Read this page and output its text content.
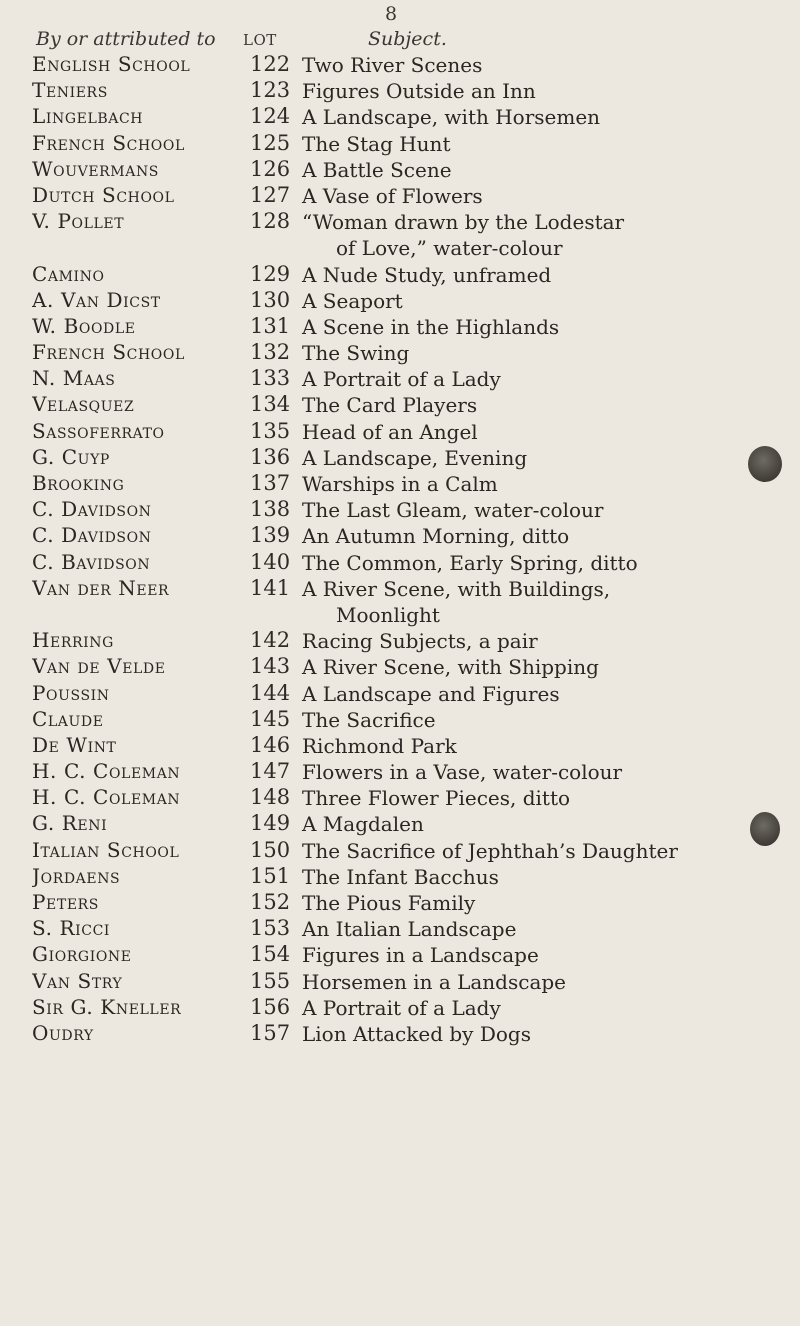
8
By or attributed to LOT	Subject.
English School	122 Two River Scenes
Teniers	123 Figures Outside an Inn
Lingelbach	124 A Landscape, with Horsemen
French School	125 The Stag Hunt
Wouvermans	126 A Battle Scene
Dutch School	127 A Vase of Flowers
V. Pollet	128 “Woman drawn by the Lodestar
of Love,” water-colour
Camino	129 A Nude Study, unframed
A. Van Dicst	130 A Seaport
W. Boodle	131 A Scene in the Highlands
French School	132 The Swing
N. Maas	133 A Portrait of a Lady
Velasquez	134 The Card Players
Sassoferrato	135 Head of an Angel
G. Cuyp	136 A Landscape, Evening
Brooking	137 Warships in a Calm
C. Davidson	138 The Last Gleam, water-colour
C. Davidson	139 An Autumn Morning, ditto
C. Bavidson	140 The Common, Early Spring, ditto
Van der Neer	141 A River Scene, with Buildings,
Moonlight
Herring	142 Racing Subjects, a pair
Van de Velde	143 A River Scene, with Shipping
Poussin	144 A Landscape and Figures
Claude	145 The Sacrifice
De Wint	146 Richmond Park
H. C. Coleman	147 Flowers in a Vase, water-colour
H. C. Coleman	148 Three Flower Pieces, ditto
G. Reni	149 A Magdalen
Italian School	150 The Sacrifice of Jephthah’s Daughter
Jordaens	151 The Infant Bacchus
Peters	152 The Pious Family
S. Ricci	153 An Italian Landscape
Giorgione	154 Figures in a Landscape
Van Stry	155 Horsemen in a Landscape
Sir G. Kneller	156 A Portrait of a Lady
Oudry	157 Lion Attacked by Dogs
